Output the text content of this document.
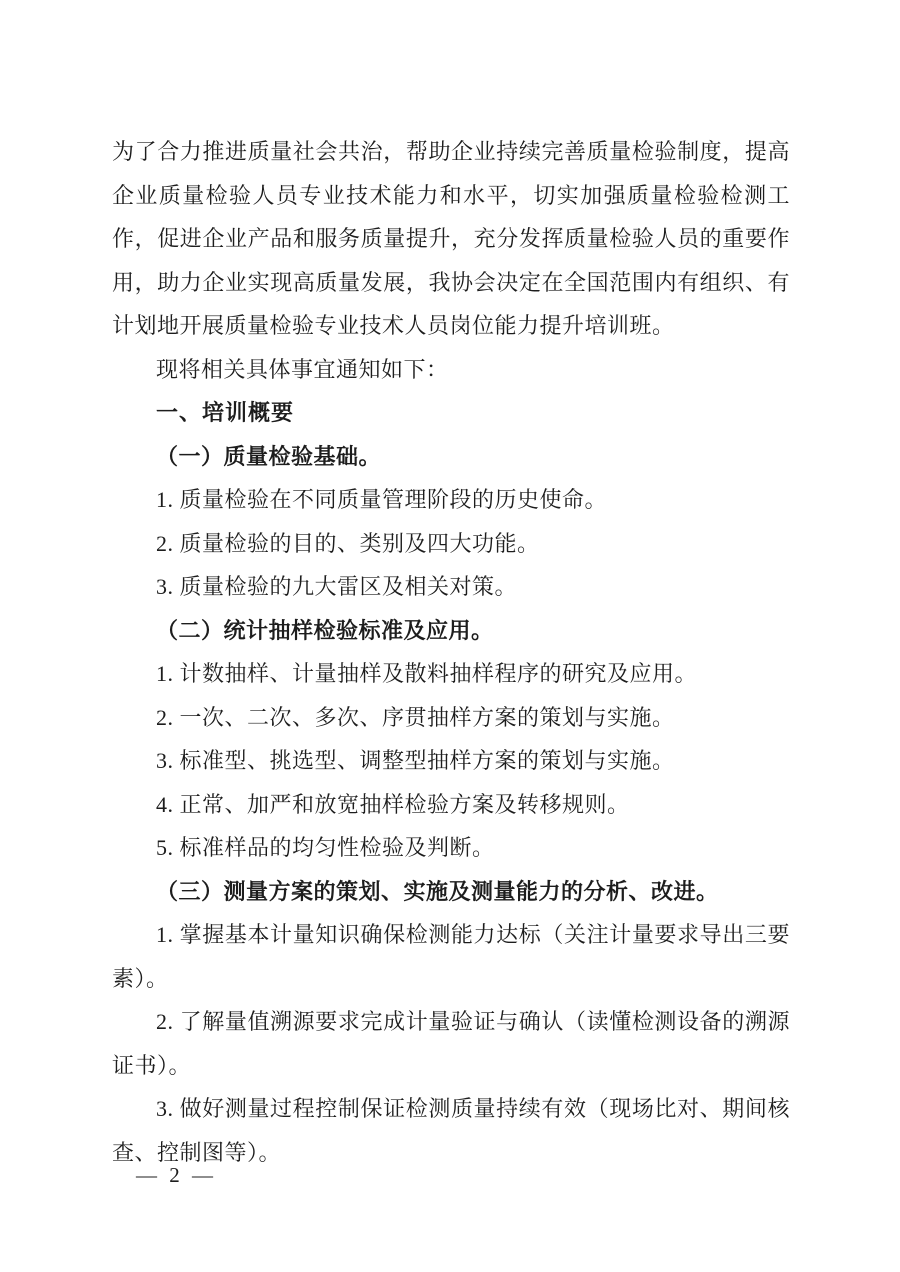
为了合力推进质量社会共治，帮助企业持续完善质量检验制度，提高企业质量检验人员专业技术能力和水平，切实加强质量检验检测工作，促进企业产品和服务质量提升，充分发挥质量检验人员的重要作用，助力企业实现高质量发展，我协会决定在全国范围内有组织、有计划地开展质量检验专业技术人员岗位能力提升培训班。

现将相关具体事宜通知如下：

一、培训概要

（一）质量检验基础。

1. 质量检验在不同质量管理阶段的历史使命。

2. 质量检验的目的、类别及四大功能。

3. 质量检验的九大雷区及相关对策。

（二）统计抽样检验标准及应用。

1. 计数抽样、计量抽样及散料抽样程序的研究及应用。

2. 一次、二次、多次、序贯抽样方案的策划与实施。

3. 标准型、挑选型、调整型抽样方案的策划与实施。

4. 正常、加严和放宽抽样检验方案及转移规则。

5. 标准样品的均匀性检验及判断。

（三）测量方案的策划、实施及测量能力的分析、改进。

1. 掌握基本计量知识确保检测能力达标（关注计量要求导出三要素）。

2. 了解量值溯源要求完成计量验证与确认（读懂检测设备的溯源证书）。

3. 做好测量过程控制保证检测质量持续有效（现场比对、期间核查、控制图等）。

— 2 —
